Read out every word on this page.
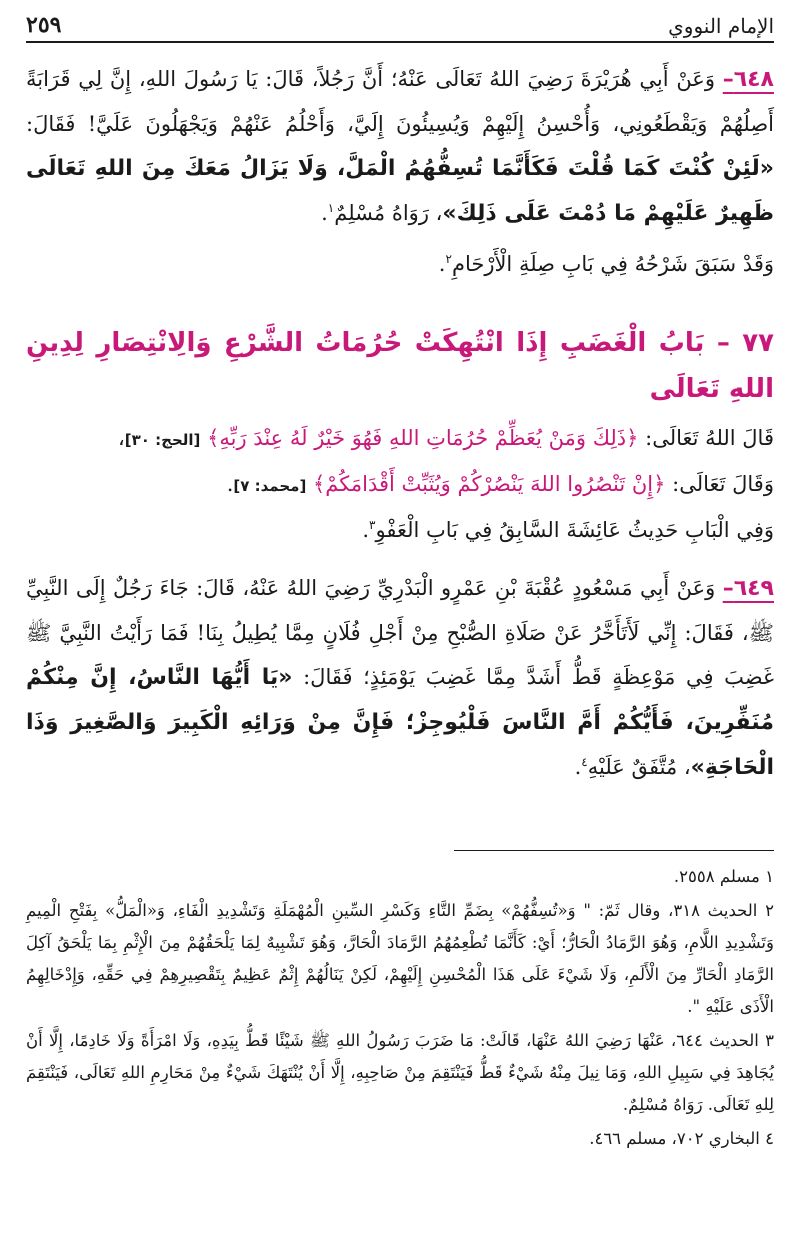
الإمام النووي
٢٥٩

٦٤٨– وَعَنْ أَبِي هُرَيْرَةَ رَضِيَ اللهُ تَعَالَى عَنْهُ؛ أَنَّ رَجُلاً، قَالَ: يَا رَسُولَ اللهِ، إِنَّ لِي قَرَابَةً أَصِلُهُمْ وَيَقْطَعُونِي، وَأُحْسِنُ إِلَيْهِمْ وَيُسِيئُونَ إِلَيَّ، وَأَحْلُمُ عَنْهُمْ وَيَجْهَلُونَ عَلَيَّ! فَقَالَ: «لَئِنْ كُنْتَ كَمَا قُلْتَ فَكَأَنَّمَا تُسِفُّهُمُ الْمَلَّ، وَلَا يَزَالُ مَعَكَ مِنَ اللهِ تَعَالَى ظَهِيرٌ عَلَيْهِمْ مَا دُمْتَ عَلَى ذَلِكَ»، رَوَاهُ مُسْلِمٌ$^١$.

وَقَدْ سَبَقَ شَرْحُهُ فِي بَابِ صِلَةِ الْأَرْحَامِ$^٢$.

٧٧ – بَابُ الْغَضَبِ إِذَا انْتُهِكَتْ حُرُمَاتُ الشَّرْعِ وَالِانْتِصَارِ لِدِينِ اللهِ تَعَالَى

قَالَ اللهُ تَعَالَى: ﴿ذَلِكَ وَمَنْ يُعَظِّمْ حُرُمَاتِ اللهِ فَهُوَ خَيْرٌ لَهُ عِنْدَ رَبِّهِ﴾ [الحج: ٣٠]،

وَقَالَ تَعَالَى: ﴿إِنْ تَنْصُرُوا اللهَ يَنْصُرْكُمْ وَيُثَبِّتْ أَقْدَامَكُمْ﴾ [محمد: ٧].

وَفِي الْبَابِ حَدِيثُ عَائِشَةَ السَّابِقُ فِي بَابِ الْعَفْوِ$^٣$.

٦٤٩– وَعَنْ أَبِي مَسْعُودٍ عُقْبَةَ بْنِ عَمْرٍو الْبَدْرِيِّ رَضِيَ اللهُ عَنْهُ، قَالَ: جَاءَ رَجُلٌ إِلَى النَّبِيِّ ﷺ، فَقَالَ: إِنِّي لَأَتَأَخَّرُ عَنْ صَلَاةِ الصُّبْحِ مِنْ أَجْلِ فُلَانٍ مِمَّا يُطِيلُ بِنَا! فَمَا رَأَيْتُ النَّبِيَّ ﷺ غَضِبَ فِي مَوْعِظَةٍ قَطُّ أَشَدَّ مِمَّا غَضِبَ يَوْمَئِذٍ؛ فَقَالَ: «يَا أَيُّهَا النَّاسُ، إِنَّ مِنْكُمْ مُنَفِّرِينَ، فَأَيُّكُمْ أَمَّ النَّاسَ فَلْيُوجِزْ؛ فَإِنَّ مِنْ وَرَائِهِ الْكَبِيرَ وَالصَّغِيرَ وَذَا الْحَاجَةِ»، مُتَّفَقٌ عَلَيْهِ$^٤$.

١ مسلم ٢٥٥٨.

٢ الحديث ٣١٨، وقال ثَمّ: " وَ«تُسِفُّهُمْ» بِضَمِّ التَّاءِ وَكَسْرِ السِّينِ الْمُهْمَلَةِ وَتَشْدِيدِ الْفَاءِ، وَ«الْمَلُّ» بِفَتْحِ الْمِيمِ وَتَشْدِيدِ اللَّامِ، وَهُوَ الرَّمَادُ الْحَارُّ؛ أَيْ: كَأَنَّمَا تُطْعِمُهُمُ الرَّمَادَ الْحَارَّ، وَهُوَ تَشْبِيهٌ لِمَا يَلْحَقُهُمْ مِنَ الْإِثْمِ بِمَا يَلْحَقُ آكِلَ الرَّمَادِ الْحَارِّ مِنَ الْأَلَمِ، وَلَا شَيْءَ عَلَى هَذَا الْمُحْسِنِ إِلَيْهِمْ، لَكِنْ يَنَالُهُمْ إِثْمٌ عَظِيمٌ بِتَقْصِيرِهِمْ فِي حَقِّهِ، وَإِدْخَالِهِمُ الْأَذَى عَلَيْهِ ".

٣ الحديث ٦٤٤، عَنْهَا رَضِيَ اللهُ عَنْهَا، قَالَتْ: مَا ضَرَبَ رَسُولُ اللهِ ﷺ شَيْئًا قَطُّ بِيَدِهِ، وَلَا امْرَأَةً وَلَا خَادِمًا، إِلَّا أَنْ يُجَاهِدَ فِي سَبِيلِ اللهِ، وَمَا نِيلَ مِنْهُ شَيْءٌ قَطُّ فَيَنْتَقِمَ مِنْ صَاحِبِهِ، إِلَّا أَنْ يُنْتَهَكَ شَيْءٌ مِنْ مَحَارِمِ اللهِ تَعَالَى، فَيَنْتَقِمَ لِلهِ تَعَالَى. رَوَاهُ مُسْلِمٌ.

٤ البخاري ٧٠٢، مسلم ٤٦٦.
